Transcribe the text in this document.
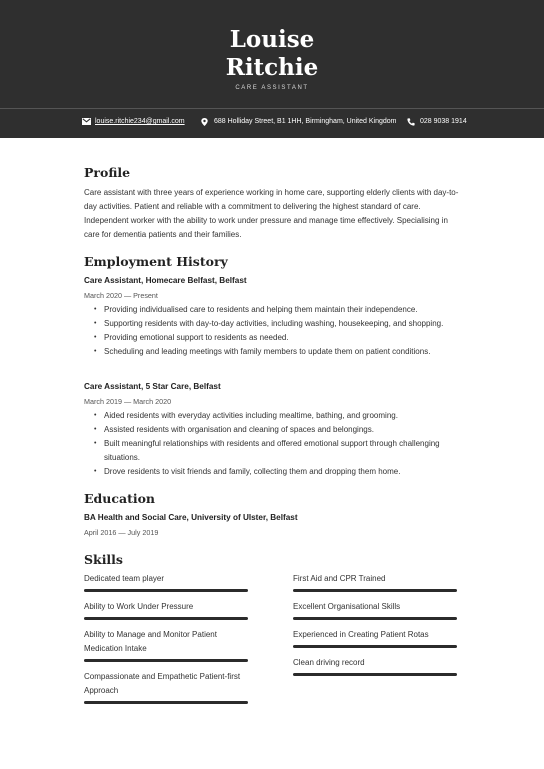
Louise
Ritchie
CARE ASSISTANT
louise.ritchie234@gmail.com	688 Holliday Street, B1 1HH, Birmingham, United Kingdom	028 9038 1914
Profile

Care assistant with three years of experience working in home care, supporting elderly clients with day-to-day activities. Patient and reliable with a commitment to delivering the highest standard of care. Independent worker with the ability to work under pressure and manage time effectively. Specialising in care for dementia patients and their families.

Employment History
Care Assistant, Homecare Belfast, Belfast
March 2020 — Present
• Providing individualised care to residents and helping them maintain their independence.
• Supporting residents with day-to-day activities, including washing, housekeeping, and shopping.
• Providing emotional support to residents as needed.
• Scheduling and leading meetings with family members to update them on patient conditions.
Care Assistant, 5 Star Care, Belfast
March 2019 — March 2020
• Aided residents with everyday activities including mealtime, bathing, and grooming.
• Assisted residents with organisation and cleaning of spaces and belongings.
• Built meaningful relationships with residents and offered emotional support through challenging situations.
• Drove residents to visit friends and family, collecting them and dropping them home.
Education
BA Health and Social Care, University of Ulster, Belfast
April 2016 — July 2019
Skills
Dedicated team player
Ability to Work Under Pressure
Ability to Manage and Monitor Patient Medication Intake
Compassionate and Empathetic Patient-first Approach
First Aid and CPR Trained
Excellent Organisational Skills
Experienced in Creating Patient Rotas
Clean driving record
